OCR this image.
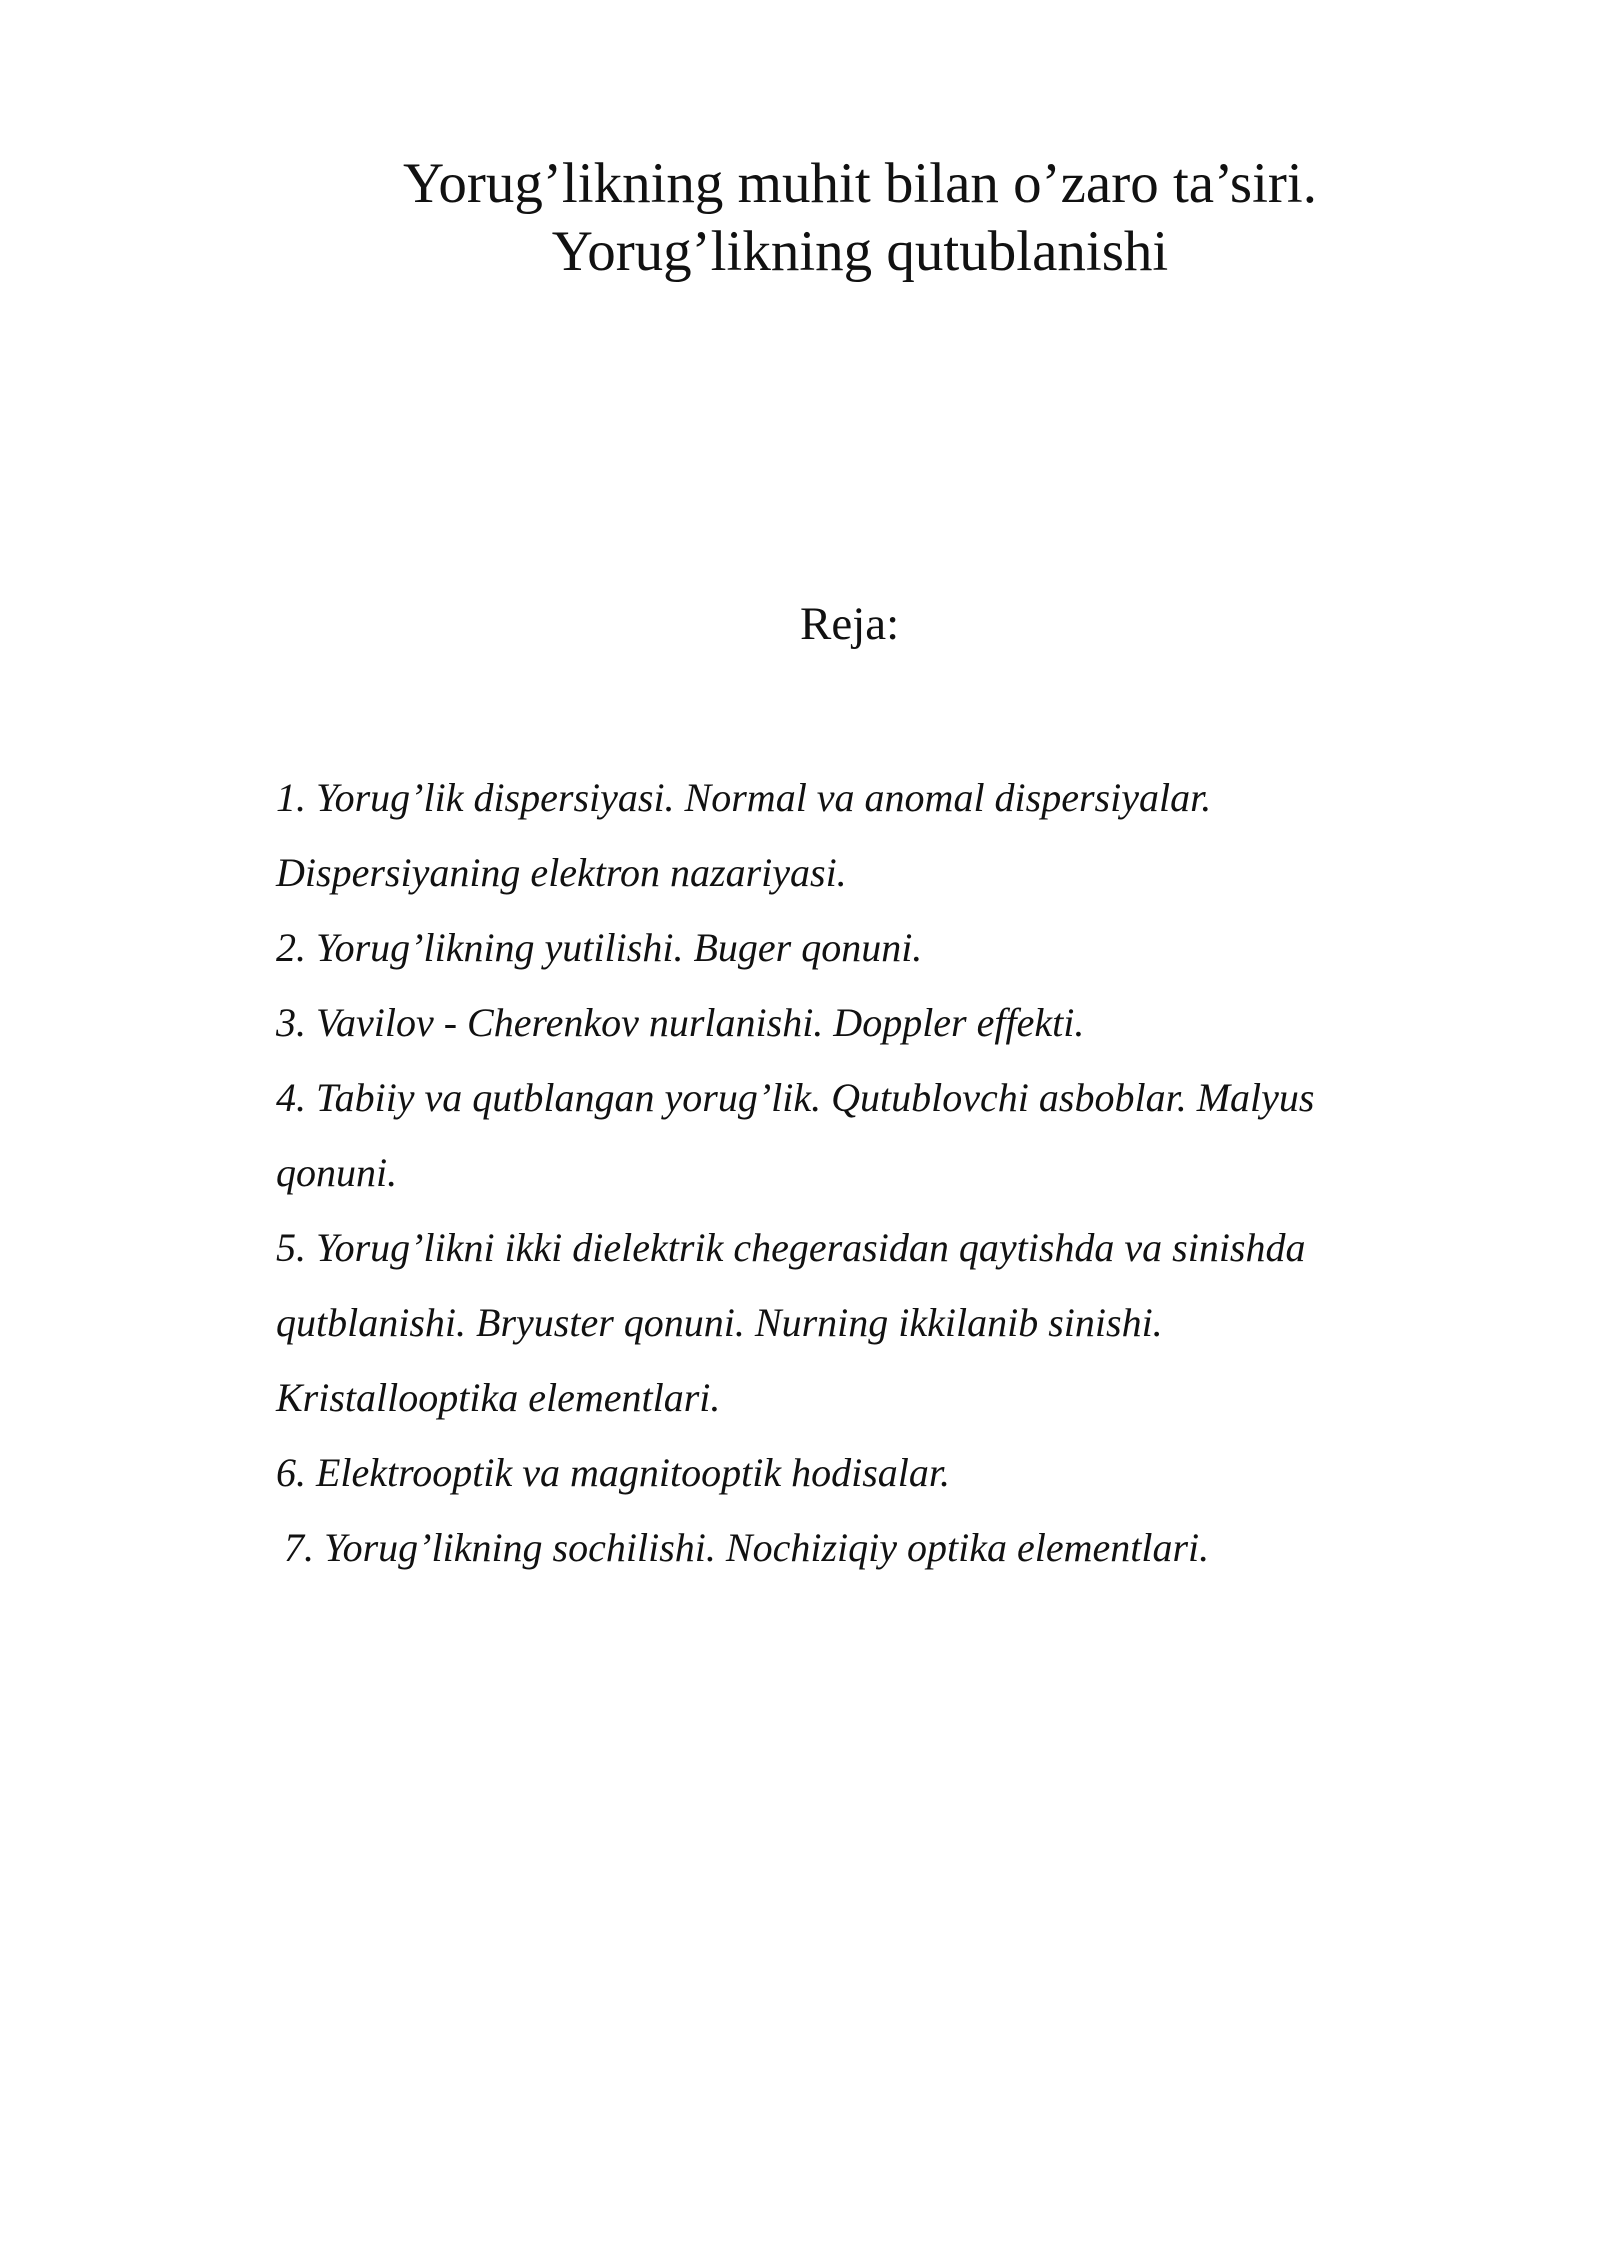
Yorug’likning muhit bilan o’zaro ta’siri.
Yorug’likning qutublanishi
Reja:
1. Yorug’lik dispersiyasi. Normal va anomal dispersiyalar.
Dispersiyaning elektron nazariyasi.
2. Yorug’likning yutilishi. Buger qonuni.
3. Vavilov - Cherenkov nurlanishi. Doppler effekti.
4. Tabiiy va qutblangan yorug’lik. Qutublovchi asboblar. Malyus
qonuni.
5. Yorug’likni ikki dielektrik chegerasidan qaytishda va sinishda
qutblanishi. Bryuster qonuni. Nurning ikkilanib sinishi.
Kristallooptika elementlari.
6. Elektrooptik va magnitooptik hodisalar.
7. Yorug’likning sochilishi. Nochiziqiy optika elementlari.
